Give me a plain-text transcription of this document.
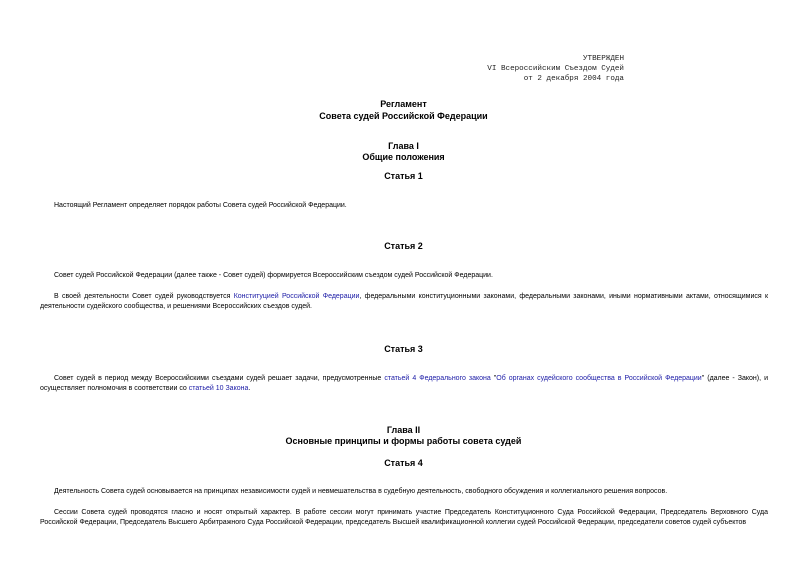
УТВЕРЖДЕН
VI Всероссийским Съездом Судей
от 2 декабря 2004 года
Регламент
Совета судей Российской Федерации
Глава I
Общие положения
Статья 1
Настоящий Регламент определяет порядок работы Совета судей Российской Федерации.
Статья 2
Совет судей Российской Федерации (далее также - Совет судей) формируется Всероссийским съездом судей Российской Федерации.
В своей деятельности Совет судей руководствуется Конституцией Российской Федерации, федеральными конституционными законами, федеральными законами, иными нормативными актами, относящимися к деятельности судейского сообщества, и решениями Всероссийских съездов судей.
Статья 3
Совет судей в период между Всероссийскими съездами судей решает задачи, предусмотренные статьей 4 Федерального закона "Об органах судейского сообщества в Российской Федерации" (далее - Закон), и осуществляет полномочия в соответствии со статьей 10 Закона.
Глава II
Основные принципы и формы работы совета судей
Статья 4
Деятельность Совета судей основывается на принципах независимости судей и невмешательства в судебную деятельность, свободного обсуждения и коллегиального решения вопросов.
Сессии Совета судей проводятся гласно и носят открытый характер. В работе сессии могут принимать участие Председатель Конституционного Суда Российской Федерации, Председатель Верховного Суда Российской Федерации, Председатель Высшего Арбитражного Суда Российской Федерации, председатель Высшей квалификационной коллегии судей Российской Федерации, председатели советов судей субъектов
